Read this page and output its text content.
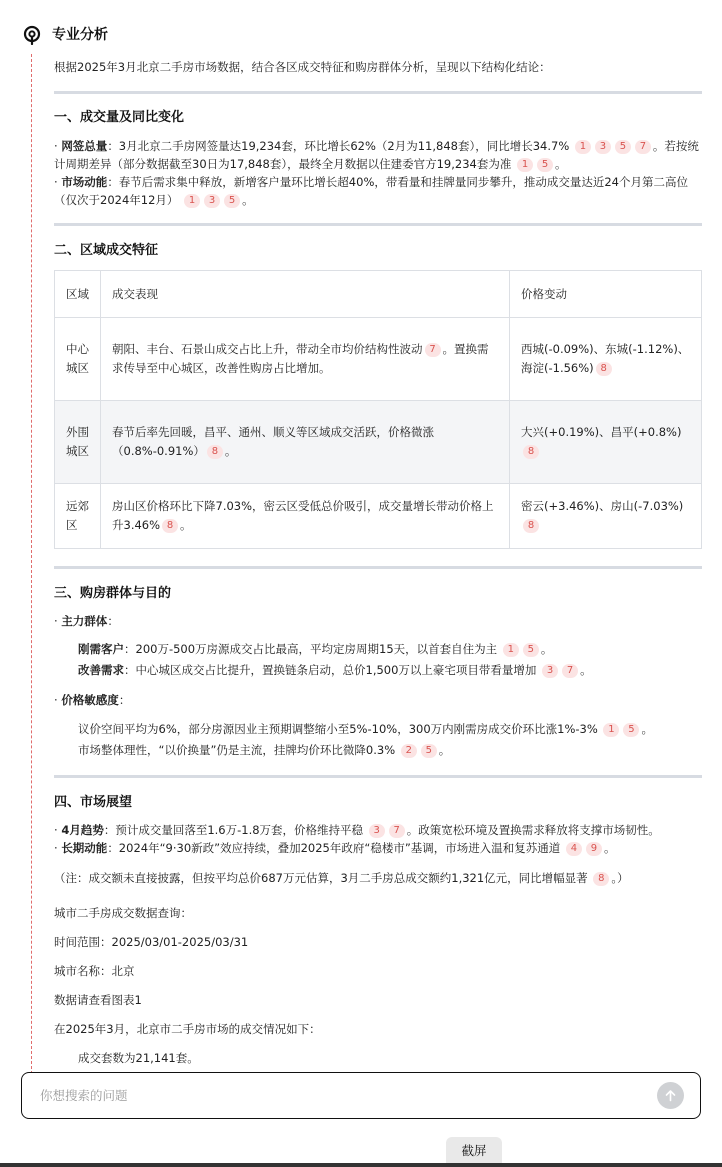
专业分析

根据2025年3月北京二手房市场数据，结合各区成交特征和购房群体分析，呈现以下结构化结论：

一、成交量及同比变化

· 网签总量：3月北京二手房网签量达19,234套，环比增长62%（2月为11,848套），同比增长34.7% 1 3 5 7 。若按统计周期差异（部分数据截至30日为17,848套），最终全月数据以住建委官方19,234套为准 1 5 。

· 市场动能：春节后需求集中释放，新增客户量环比增长超40%，带看量和挂牌量同步攀升，推动成交量达近24个月第二高位（仅次于2024年12月） 1 3 5 。

二、区域成交特征
区域	成交表现	价格变动
中心城区	朝阳、丰台、石景山成交占比上升，带动全市均价结构性波动 7 。置换需求传导至中心城区，改善性购房占比增加。	西城(-0.09%)、东城(-1.12%)、海淀(-1.56%) 8
外围城区	春节后率先回暖，昌平、通州、顺义等区域成交活跃，价格微涨（0.8%-0.91%） 8 。	大兴(+0.19%)、昌平(+0.8%)8
远郊区	房山区价格环比下降7.03%，密云区受低总价吸引，成交量增长带动价格上升3.46% 8 。	密云(+3.46%)、房山(-7.03%)8
三、购房群体与目的

· 主力群体：

刚需客户：200万-500万房源成交占比最高，平均定房周期15天，以首套自住为主 1 5 。

改善需求：中心城区成交占比提升，置换链条启动，总价1,500万以上豪宅项目带看量增加 3 7 。

· 价格敏感度：

议价空间平均为6%，部分房源因业主预期调整缩小至5%-10%，300万内刚需房成交价环比涨1%-3% 1 5 。

市场整体理性，“以价换量”仍是主流，挂牌均价环比微降0.3% 2 5 。

四、市场展望

· 4月趋势：预计成交量回落至1.6万-1.8万套，价格维持平稳 3 7 。政策宽松环境及置换需求释放将支撑市场韧性。

· 长期动能：2024年“9·30新政”效应持续，叠加2025年政府“稳楼市”基调，市场进入温和复苏通道 4 9 。

（注：成交额未直接披露，但按平均总价687万元估算，3月二手房总成交额约1,321亿元，同比增幅显著 8 。）

城市二手房成交数据查询：

时间范围：2025/03/01-2025/03/31

城市名称：北京

数据请查看图表1

在2025年3月，北京市二手房市场的成交情况如下：

成交套数为21,141套。

你想搜索的问题
截屏
